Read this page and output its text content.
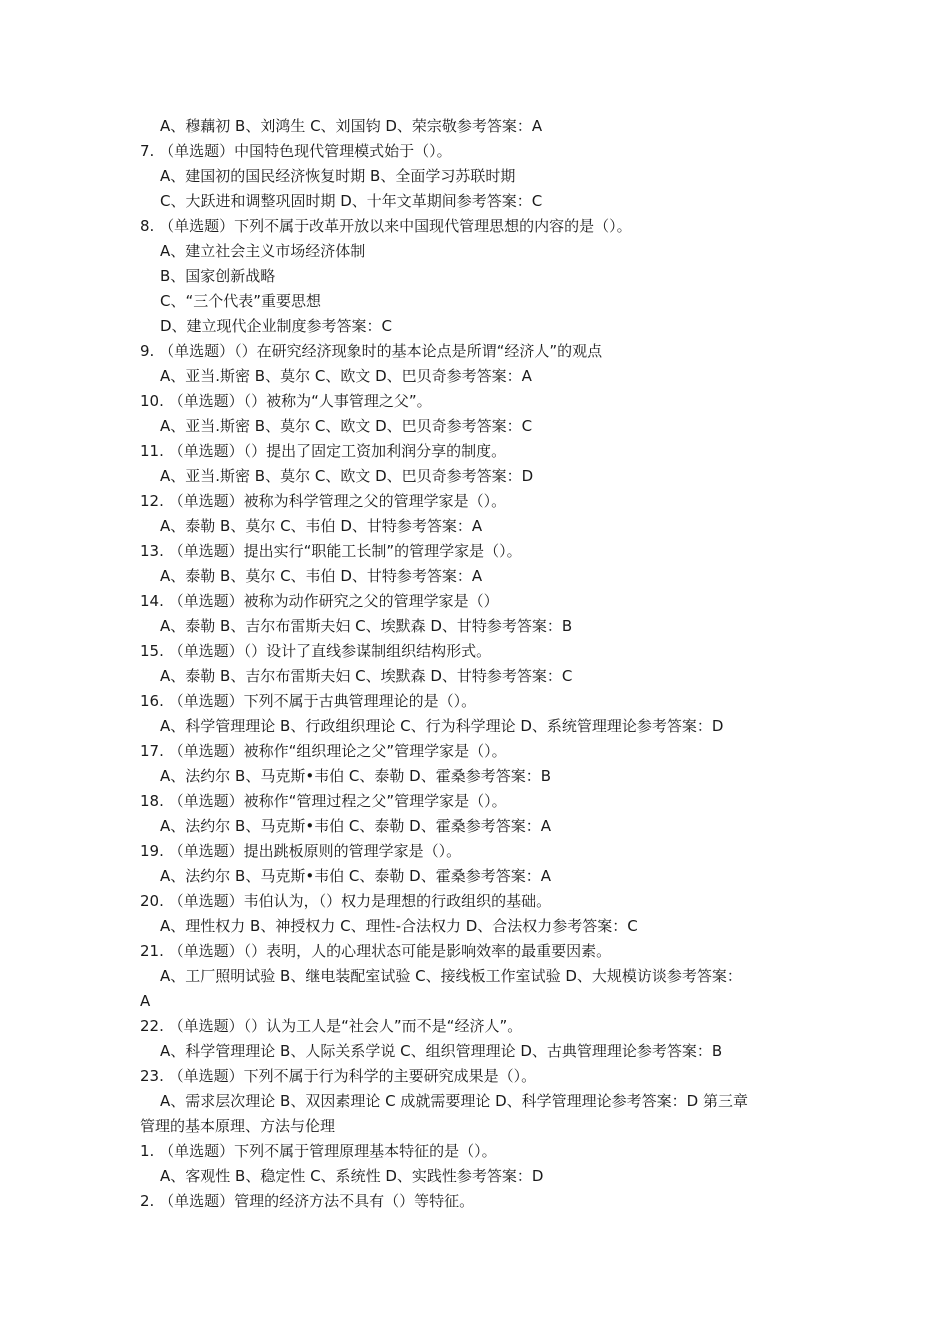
A、穆藕初 B、刘鸿生 C、刘国钧 D、荣宗敬参考答案：A
7. （单选题）中国特色现代管理模式始于（）。
A、建国初的国民经济恢复时期 B、全面学习苏联时期
C、大跃进和调整巩固时期 D、十年文革期间参考答案：C
8. （单选题）下列不属于改革开放以来中国现代管理思想的内容的是（）。
A、建立社会主义市场经济体制
B、国家创新战略
C、“三个代表”重要思想
D、建立现代企业制度参考答案：C
9. （单选题）（）在研究经济现象时的基本论点是所谓“经济人”的观点
A、亚当.斯密 B、莫尔 C、欧文 D、巴贝奇参考答案：A
10. （单选题）（）被称为“人事管理之父”。
A、亚当.斯密 B、莫尔 C、欧文 D、巴贝奇参考答案：C
11. （单选题）（）提出了固定工资加利润分享的制度。
A、亚当.斯密 B、莫尔 C、欧文 D、巴贝奇参考答案：D
12. （单选题）被称为科学管理之父的管理学家是（）。
A、泰勒 B、莫尔 C、韦伯 D、甘特参考答案：A
13. （单选题）提出实行“职能工长制”的管理学家是（）。
A、泰勒 B、莫尔 C、韦伯 D、甘特参考答案：A
14. （单选题）被称为动作研究之父的管理学家是（）
A、泰勒 B、吉尔布雷斯夫妇 C、埃默森 D、甘特参考答案：B
15. （单选题）（）设计了直线参谋制组织结构形式。
A、泰勒 B、吉尔布雷斯夫妇 C、埃默森 D、甘特参考答案：C
16. （单选题）下列不属于古典管理理论的是（）。
A、科学管理理论 B、行政组织理论 C、行为科学理论 D、系统管理理论参考答案：D
17. （单选题）被称作“组织理论之父”管理学家是（）。
A、法约尔 B、马克斯•韦伯 C、泰勒 D、霍桑参考答案：B
18. （单选题）被称作“管理过程之父”管理学家是（）。
A、法约尔 B、马克斯•韦伯 C、泰勒 D、霍桑参考答案：A
19. （单选题）提出跳板原则的管理学家是（）。
A、法约尔 B、马克斯•韦伯 C、泰勒 D、霍桑参考答案：A
20. （单选题）韦伯认为，（）权力是理想的行政组织的基础。
A、理性权力 B、神授权力 C、理性-合法权力 D、合法权力参考答案：C
21. （单选题）（）表明，人的心理状态可能是影响效率的最重要因素。
A、工厂照明试验 B、继电装配室试验 C、接线板工作室试验 D、大规模访谈参考答案：
A
22. （单选题）（）认为工人是“社会人”而不是“经济人”。
A、科学管理理论 B、人际关系学说 C、组织管理理论 D、古典管理理论参考答案：B
23. （单选题）下列不属于行为科学的主要研究成果是（）。
A、需求层次理论 B、双因素理论 C 成就需要理论 D、科学管理理论参考答案：D 第三章
管理的基本原理、方法与伦理
1. （单选题）下列不属于管理原理基本特征的是（）。
A、客观性 B、稳定性 C、系统性 D、实践性参考答案：D
2. （单选题）管理的经济方法不具有（）等特征。
